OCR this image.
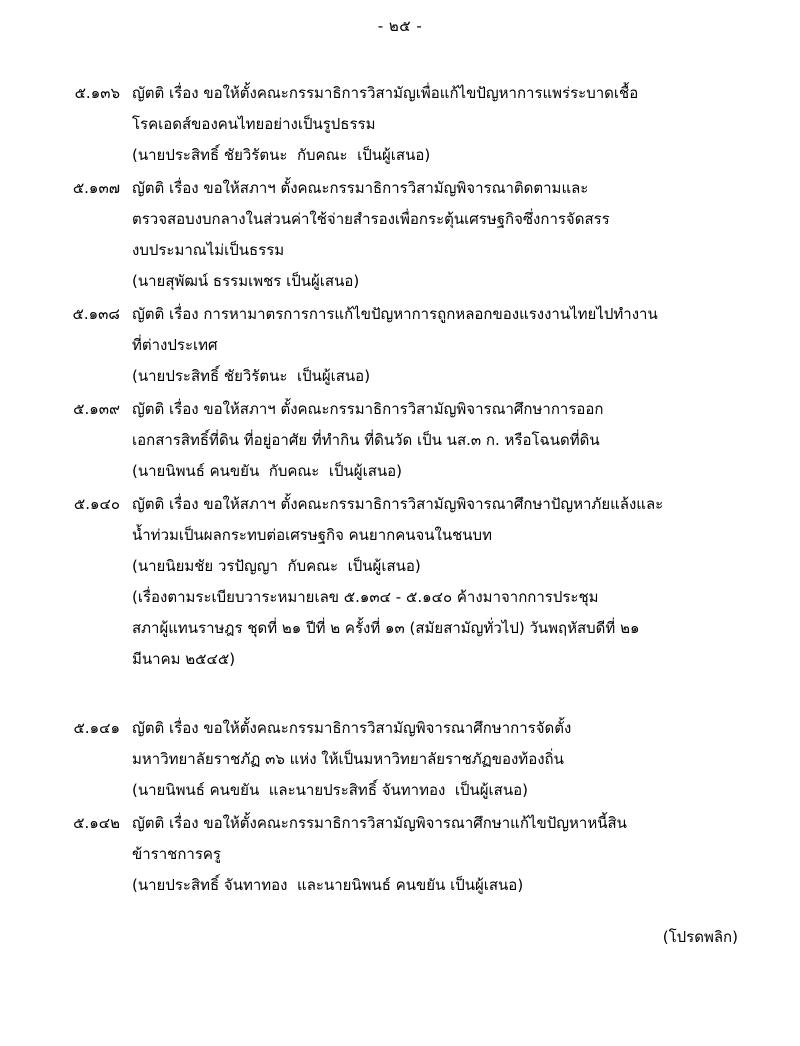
- ๒๕ -
๕.๑๓๖ ญัตติ เรื่อง ขอให้ตั้งคณะกรรมาธิการวิสามัญเพื่อแก้ไขปัญหาการแพร่ระบาดเชื้อ
โรคเอดส์ของคนไทยอย่างเป็นรูปธรรม
(นายประสิทธิ์ ชัยวิรัตนะ  กับคณะ  เป็นผู้เสนอ)
๕.๑๓๗ ญัตติ เรื่อง ขอให้สภาฯ ตั้งคณะกรรมาธิการวิสามัญพิจารณาติดตามและ
ตรวจสอบงบกลางในส่วนค่าใช้จ่ายสำรองเพื่อกระตุ้นเศรษฐกิจซึ่งการจัดสรร
งบประมาณไม่เป็นธรรม
(นายสุพัฒน์ ธรรมเพชร เป็นผู้เสนอ)
๕.๑๓๘ ญัตติ เรื่อง การหามาตรการการแก้ไขปัญหาการถูกหลอกของแรงงานไทยไปทำงาน
ที่ต่างประเทศ
(นายประสิทธิ์ ชัยวิรัตนะ  เป็นผู้เสนอ)
๕.๑๓๙ ญัตติ เรื่อง ขอให้สภาฯ ตั้งคณะกรรมาธิการวิสามัญพิจารณาศึกษาการออก
เอกสารสิทธิ์ที่ดิน ที่อยู่อาศัย ที่ทำกิน ที่ดินวัด เป็น นส.๓ ก. หรือโฉนดที่ดิน
(นายนิพนธ์ คนขยัน  กับคณะ  เป็นผู้เสนอ)
๕.๑๔๐ ญัตติ เรื่อง ขอให้สภาฯ ตั้งคณะกรรมาธิการวิสามัญพิจารณาศึกษาปัญหาภัยแล้งและ
น้ำท่วมเป็นผลกระทบต่อเศรษฐกิจ คนยากคนจนในชนบท
(นายนิยมชัย วรปัญญา  กับคณะ  เป็นผู้เสนอ)
(เรื่องตามระเบียบวาระหมายเลข ๕.๑๓๔ - ๕.๑๔๐ ค้างมาจากการประชุม
สภาผู้แทนราษฎร ชุดที่ ๒๑ ปีที่ ๒ ครั้งที่ ๑๓ (สมัยสามัญทั่วไป) วันพฤหัสบดีที่ ๒๑
มีนาคม ๒๕๔๕)
๕.๑๔๑ ญัตติ เรื่อง ขอให้ตั้งคณะกรรมาธิการวิสามัญพิจารณาศึกษาการจัดตั้ง
มหาวิทยาลัยราชภัฏ ๓๖ แห่ง ให้เป็นมหาวิทยาลัยราชภัฏของท้องถิ่น
(นายนิพนธ์ คนขยัน  และนายประสิทธิ์ จันทาทอง  เป็นผู้เสนอ)
๕.๑๔๒ ญัตติ เรื่อง ขอให้ตั้งคณะกรรมาธิการวิสามัญพิจารณาศึกษาแก้ไขปัญหาหนี้สิน
ข้าราชการครู
(นายประสิทธิ์ จันทาทอง  และนายนิพนธ์ คนขยัน เป็นผู้เสนอ)
(โปรดพลิก)
